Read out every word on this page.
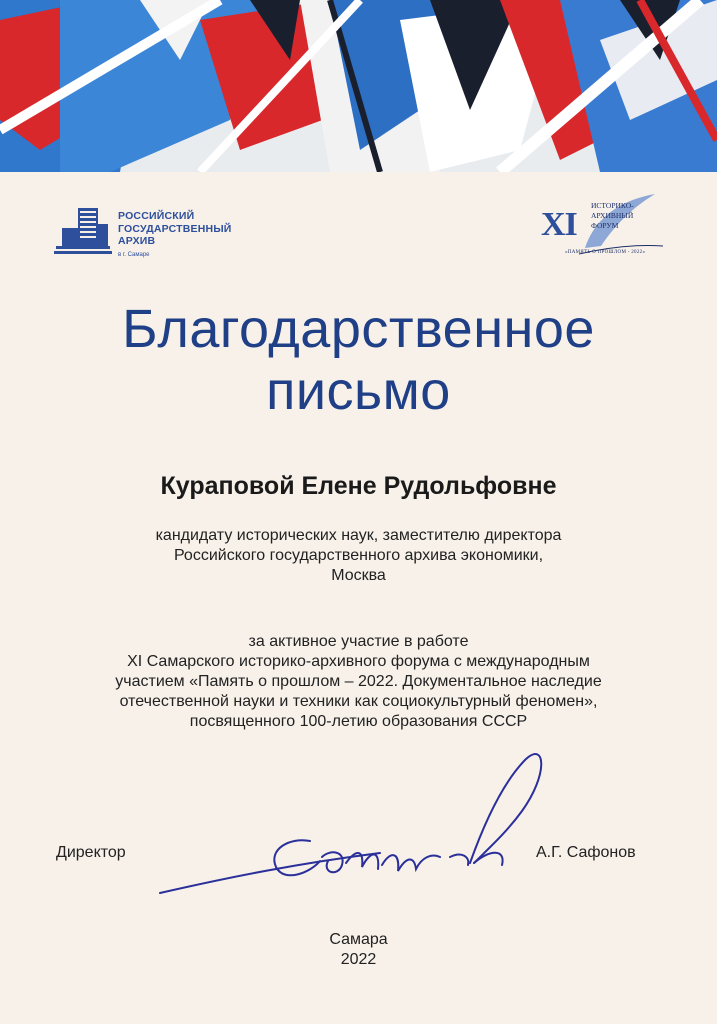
РОССИЙСКИЙ
ГОСУДАРСТВЕННЫЙ
АРХИВ
в г. Самаре
XI
ИСТОРИКО-
АРХИВНЫЙ
ФОРУМ
«ПАМЯТЬ О ПРОШЛОМ - 2022»
Благодарственное
письмо
Кураповой Елене Рудольфовне
кандидату исторических наук, заместителю директора
Российского государственного архива экономики,
Москва
за активное участие в работе
XI Самарского историко-архивного форума с международным
участием «Память о прошлом – 2022. Документальное наследие
отечественной науки и техники как социокультурный феномен»,
посвященного 100-летию образования СССР
Директор	А.Г. Сафонов
Самара
2022
